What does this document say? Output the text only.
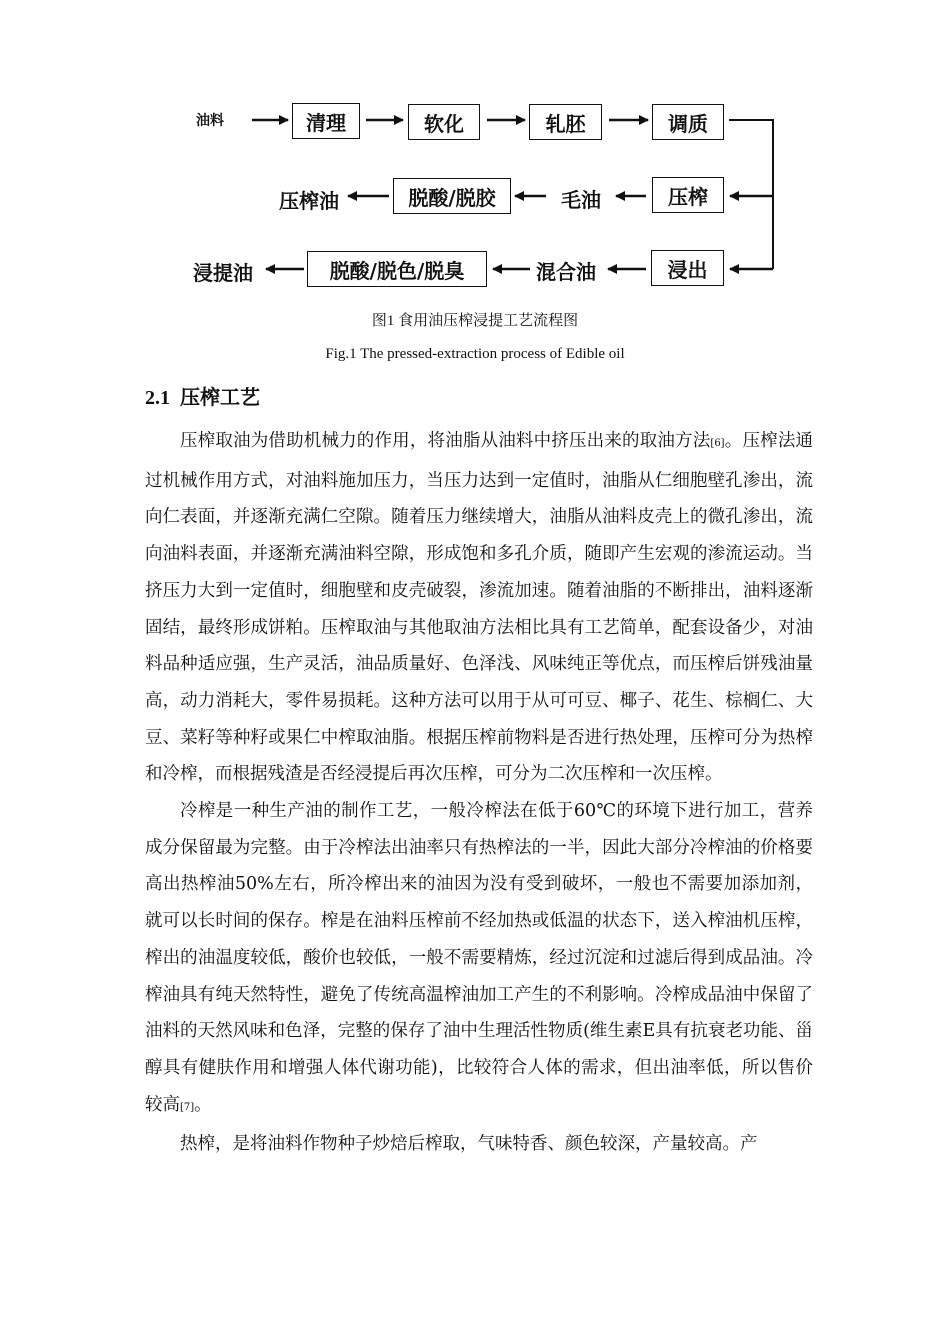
油料	清理	软化	轧胚	调质
压榨
毛油
脱酸/脱胶
压榨油
浸出
混合油
脱酸/脱色/脱臭
浸提油
图1 食用油压榨浸提工艺流程图
Fig.1 The pressed-extraction process of Edible oil
2.1 压榨工艺

压榨取油为借助机械力的作用，将油脂从油料中挤压出来的取油方法[6]。压榨法通过机械作用方式，对油料施加压力，当压力达到一定值时，油脂从仁细胞壁孔渗出，流向仁表面，并逐渐充满仁空隙。随着压力继续增大，油脂从油料皮壳上的微孔渗出，流向油料表面，并逐渐充满油料空隙，形成饱和多孔介质，随即产生宏观的渗流运动。当挤压力大到一定值时，细胞壁和皮壳破裂，渗流加速。随着油脂的不断排出，油料逐渐固结，最终形成饼粕。压榨取油与其他取油方法相比具有工艺简单，配套设备少，对油料品种适应强，生产灵活，油品质量好、色泽浅、风味纯正等优点，而压榨后饼残油量高，动力消耗大，零件易损耗。这种方法可以用于从可可豆、椰子、花生、棕榈仁、大豆、菜籽等种籽或果仁中榨取油脂。根据压榨前物料是否进行热处理，压榨可分为热榨和冷榨，而根据残渣是否经浸提后再次压榨，可分为二次压榨和一次压榨。

冷榨是一种生产油的制作工艺，一般冷榨法在低于60℃的环境下进行加工，营养成分保留最为完整。由于冷榨法出油率只有热榨法的一半，因此大部分冷榨油的价格要高出热榨油50%左右，所冷榨出来的油因为没有受到破坏，一般也不需要加添加剂，就可以长时间的保存。榨是在油料压榨前不经加热或低温的状态下，送入榨油机压榨，榨出的油温度较低，酸价也较低，一般不需要精炼，经过沉淀和过滤后得到成品油。冷榨油具有纯天然特性，避免了传统高温榨油加工产生的不利影响。冷榨成品油中保留了油料的天然风味和色泽，完整的保存了油中生理活性物质(维生素E具有抗衰老功能、甾醇具有健肤作用和增强人体代谢功能)，比较符合人体的需求，但出油率低，所以售价较高[7]。

热榨，是将油料作物种子炒焙后榨取，气味特香、颜色较深，产量较高。产
